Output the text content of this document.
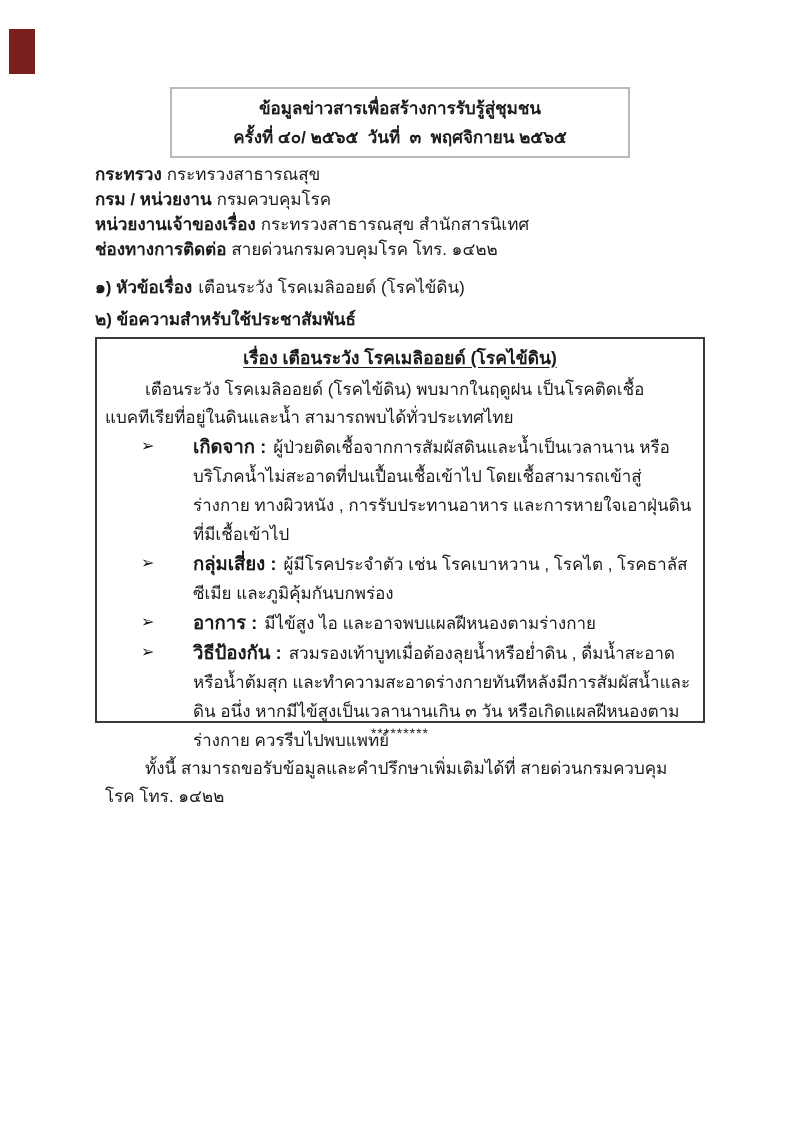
ข้อมูลข่าวสารเพื่อสร้างการรับรู้สู่ชุมชน
ครั้งที่ ๔๐/ ๒๕๖๕  วันที่  ๓  พฤศจิกายน ๒๕๖๕
กระทรวง กระทรวงสาธารณสุข
กรม / หน่วยงาน กรมควบคุมโรค
หน่วยงานเจ้าของเรื่อง กระทรวงสาธารณสุข สำนักสารนิเทศ
ช่องทางการติดต่อ สายด่วนกรมควบคุมโรค โทร. ๑๔๒๒
๑) หัวข้อเรื่อง เตือนระวัง โรคเมลิออยด์ (โรคไข้ดิน)
๒) ข้อความสำหรับใช้ประชาสัมพันธ์
เรื่อง เตือนระวัง โรคเมลิออยด์ (โรคไข้ดิน)
เตือนระวัง โรคเมลิออยด์ (โรคไข้ดิน) พบมากในฤดูฝน เป็นโรคติดเชื้อแบคทีเรียที่อยู่ในดินและน้ำ สามารถพบได้ทั่วประเทศไทย
➢ เกิดจาก : ผู้ป่วยติดเชื้อจากการสัมผัสดินและน้ำเป็นเวลานาน หรือบริโภคน้ำไม่สะอาดที่ปนเปื้อนเชื้อเข้าไป โดยเชื้อสามารถเข้าสู่ร่างกาย ทางผิวหนัง , การรับประทานอาหาร และการหายใจเอาฝุ่นดินที่มีเชื้อเข้าไป
➢ กลุ่มเสี่ยง : ผู้มีโรคประจำตัว เช่น โรคเบาหวาน , โรคไต , โรคธาลัสซีเมีย และภูมิคุ้มกันบกพร่อง
➢ อาการ : มีไข้สูง ไอ และอาจพบแผลฝีหนองตามร่างกาย
➢ วิธีป้องกัน : สวมรองเท้าบูทเมื่อต้องลุยน้ำหรือย่ำดิน , ดื่มน้ำสะอาดหรือน้ำต้มสุก และทำความสะอาดร่างกายทันทีหลังมีการสัมผัสน้ำและดิน อนึ่ง หากมีไข้สูงเป็นเวลานานเกิน ๓ วัน หรือเกิดแผลฝีหนองตามร่างกาย ควรรีบไปพบแพทย์
ทั้งนี้ สามารถขอรับข้อมูลและคำปรึกษาเพิ่มเติมได้ที่ สายด่วนกรมควบคุมโรค โทร. ๑๔๒๒
*********
